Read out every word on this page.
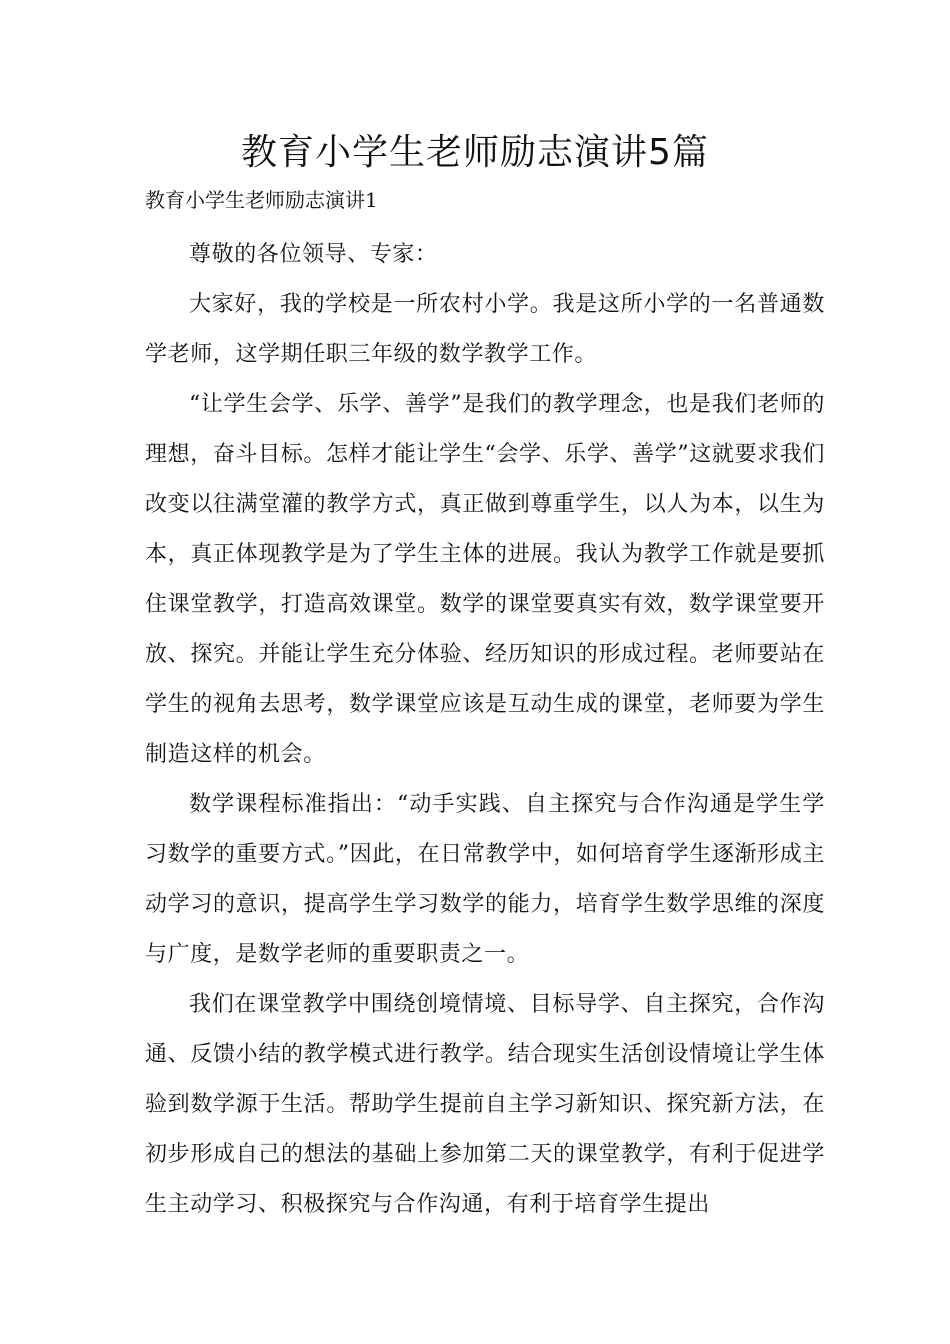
教育小学生老师励志演讲5篇
教育小学生老师励志演讲1

尊敬的各位领导、专家：

大家好，我的学校是一所农村小学。我是这所小学的一名普通数学老师，这学期任职三年级的数学教学工作。

“让学生会学、乐学、善学”是我们的教学理念，也是我们老师的理想，奋斗目标。怎样才能让学生“会学、乐学、善学”这就要求我们改变以往满堂灌的教学方式，真正做到尊重学生，以人为本，以生为本，真正体现教学是为了学生主体的进展。我认为教学工作就是要抓住课堂教学，打造高效课堂。数学的课堂要真实有效，数学课堂要开放、探究。并能让学生充分体验、经历知识的形成过程。老师要站在学生的视角去思考，数学课堂应该是互动生成的课堂，老师要为学生制造这样的机会。

数学课程标准指出：“动手实践、自主探究与合作沟通是学生学习数学的重要方式。”因此，在日常教学中，如何培育学生逐渐形成主动学习的意识，提高学生学习数学的能力，培育学生数学思维的深度与广度，是数学老师的重要职责之一。

我们在课堂教学中围绕创境情境、目标导学、自主探究，合作沟通、反馈小结的教学模式进行教学。结合现实生活创设情境让学生体验到数学源于生活。帮助学生提前自主学习新知识、探究新方法，在初步形成自己的想法的基础上参加第二天的课堂教学，有利于促进学生主动学习、积极探究与合作沟通，有利于培育学生提出
